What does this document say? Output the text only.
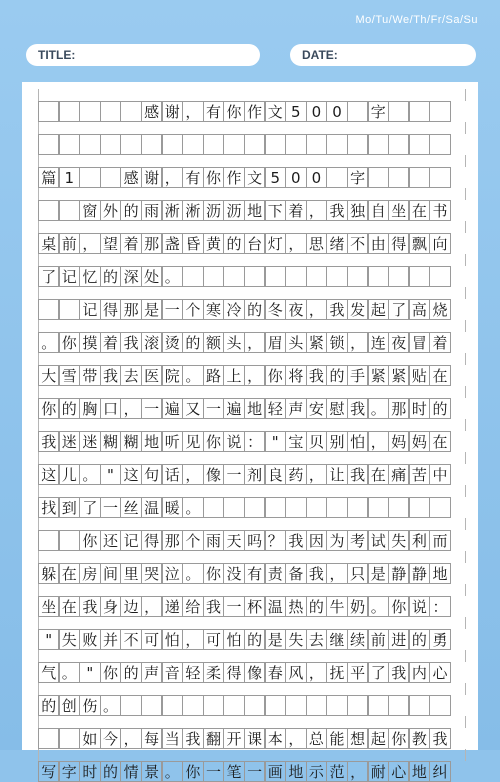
Mo/Tu/We/Th/Fr/Sa/Su
TITLE:	DATE:
感 谢 ， 有 你 作 文 5 0 0	字
篇 1	感 谢 ， 有 你 作 文 5 0 0	字
窗 外 的 雨 淅 淅 沥 沥 地 下 着 ， 我 独 自 坐 在 书
桌 前 ， 望 着 那 盏 昏 黄 的 台 灯 ， 思 绪 不 由 得 飘 向
了 记 忆 的 深 处 。
记 得 那 是 一 个 寒 冷 的 冬 夜 ， 我 发 起 了 高 烧
。 你 摸 着 我 滚 烫 的 额 头 ， 眉 头 紧 锁 ， 连 夜 冒 着
大 雪 带 我 去 医 院 。 路 上 ， 你 将 我 的 手 紧 紧 贴 在
你 的 胸 口 ， 一 遍 又 一 遍 地 轻 声 安 慰 我 。 那 时 的
我 迷 迷 糊 糊 地 听 见 你 说 ： " 宝 贝 别 怕 ， 妈 妈 在
这 儿 。 " 这 句 话 ， 像 一 剂 良 药 ， 让 我 在 痛 苦 中
找 到 了 一 丝 温 暖 。
你 还 记 得 那 个 雨 天 吗 ？ 我 因 为 考 试 失 利 而
躲 在 房 间 里 哭 泣 。 你 没 有 责 备 我 ， 只 是 静 静 地
坐 在 我 身 边 ， 递 给 我 一 杯 温 热 的 牛 奶 。 你 说 ：
" 失 败 并 不 可 怕 ， 可 怕 的 是 失 去 继 续 前 进 的 勇
气 。 " 你 的 声 音 轻 柔 得 像 春 风 ， 抚 平 了 我 内 心
的 创 伤 。
如 今 ， 每 当 我 翻 开 课 本 ， 总 能 想 起 你 教 我
写 字 时 的 情 景 。 你 一 笔 一 画 地 示 范 ， 耐 心 地 纠
